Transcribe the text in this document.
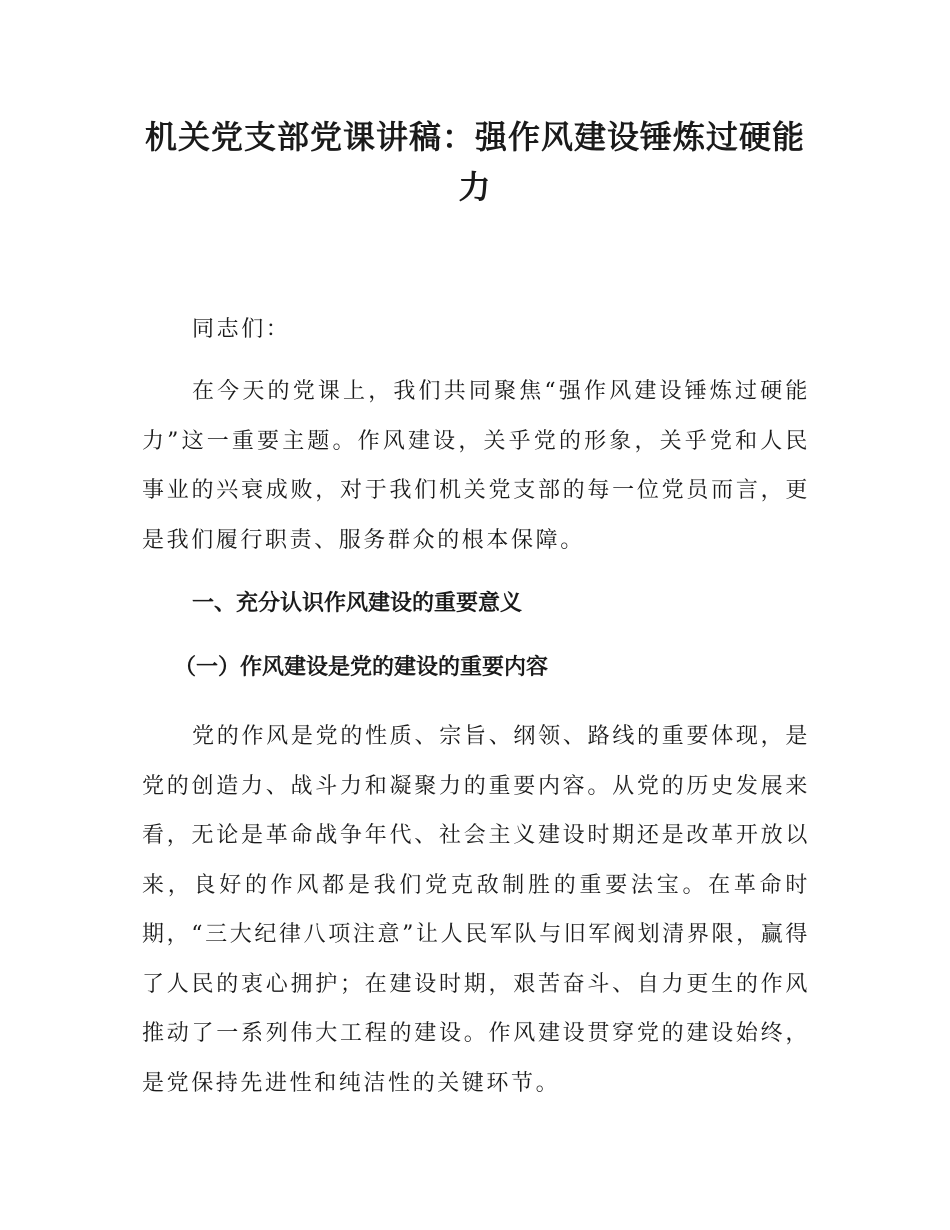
机关党支部党课讲稿：强作风建设锤炼过硬能力

同志们：

在今天的党课上，我们共同聚焦“强作风建设锤炼过硬能力”这一重要主题。作风建设，关乎党的形象，关乎党和人民事业的兴衰成败，对于我们机关党支部的每一位党员而言，更是我们履行职责、服务群众的根本保障。

一、充分认识作风建设的重要意义
（一）作风建设是党的建设的重要内容

党的作风是党的性质、宗旨、纲领、路线的重要体现，是党的创造力、战斗力和凝聚力的重要内容。从党的历史发展来看，无论是革命战争年代、社会主义建设时期还是改革开放以来，良好的作风都是我们党克敌制胜的重要法宝。在革命时期，“三大纪律八项注意”让人民军队与旧军阀划清界限，赢得了人民的衷心拥护；在建设时期，艰苦奋斗、自力更生的作风推动了一系列伟大工程的建设。作风建设贯穿党的建设始终，是党保持先进性和纯洁性的关键环节。
